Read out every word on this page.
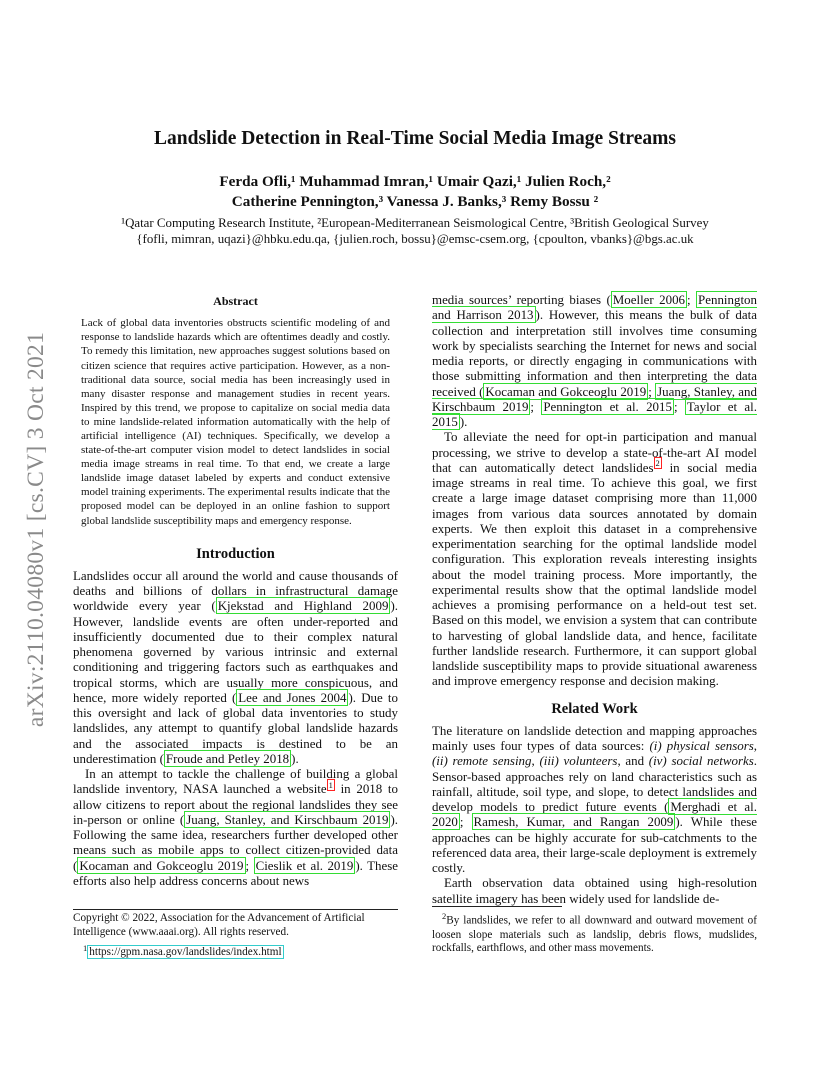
arXiv:2110.04080v1 [cs.CV] 3 Oct 2021
Landslide Detection in Real-Time Social Media Image Streams
Ferda Ofli,¹ Muhammad Imran,¹ Umair Qazi,¹ Julien Roch,²
Catherine Pennington,³ Vanessa J. Banks,³ Remy Bossu ²
¹Qatar Computing Research Institute, ²European-Mediterranean Seismological Centre, ³British Geological Survey
{fofli, mimran, uqazi}@hbku.edu.qa, {julien.roch, bossu}@emsc-csem.org, {cpoulton, vbanks}@bgs.ac.uk
Abstract
Lack of global data inventories obstructs scientific modeling of and response to landslide hazards which are oftentimes deadly and costly. To remedy this limitation, new approaches suggest solutions based on citizen science that requires active participation. However, as a non-traditional data source, social media has been increasingly used in many disaster response and management studies in recent years. Inspired by this trend, we propose to capitalize on social media data to mine landslide-related information automatically with the help of artificial intelligence (AI) techniques. Specifically, we develop a state-of-the-art computer vision model to detect landslides in social media image streams in real time. To that end, we create a large landslide image dataset labeled by experts and conduct extensive model training experiments. The experimental results indicate that the proposed model can be deployed in an online fashion to support global landslide susceptibility maps and emergency response.
Introduction

Landslides occur all around the world and cause thousands of deaths and billions of dollars in infrastructural damage worldwide every year ( Kjekstad and Highland 2009 ). However, landslide events are often under-reported and insufficiently documented due to their complex natural phenomena governed by various intrinsic and external conditioning and triggering factors such as earthquakes and tropical storms, which are usually more conspicuous, and hence, more widely reported ( Lee and Jones 2004 ). Due to this oversight and lack of global data inventories to study landslides, any attempt to quantify global landslide hazards and the associated impacts is destined to be an underestimation ( Froude and Petley 2018 ).

In an attempt to tackle the challenge of building a global landslide inventory, NASA launched a website $^1$ in 2018 to allow citizens to report about the regional landslides they see in-person or online ( Juang, Stanley, and Kirschbaum 2019 ). Following the same idea, researchers further developed other means such as mobile apps to collect citizen-provided data ( Kocaman and Gokceoglu 2019 ; Cieslik et al. 2019 ). These efforts also help address concerns about news

media sources’ reporting biases ( Moeller 2006 ; Pennington and Harrison 2013 ). However, this means the bulk of data collection and interpretation still involves time consuming work by specialists searching the Internet for news and social media reports, or directly engaging in communications with those submitting information and then interpreting the data received ( Kocaman and Gokceoglu 2019 ; Juang, Stanley, and Kirschbaum 2019 ; Pennington et al. 2015 ; Taylor et al. 2015 ).

To alleviate the need for opt-in participation and manual processing, we strive to develop a state-of-the-art AI model that can automatically detect landslides $^2$ in social media image streams in real time. To achieve this goal, we first create a large image dataset comprising more than 11,000 images from various data sources annotated by domain experts. We then exploit this dataset in a comprehensive experimentation searching for the optimal landslide model configuration. This exploration reveals interesting insights about the model training process. More importantly, the experimental results show that the optimal landslide model achieves a promising performance on a held-out test set. Based on this model, we envision a system that can contribute to harvesting of global landslide data, and hence, facilitate further landslide research. Furthermore, it can support global landslide susceptibility maps to provide situational awareness and improve emergency response and decision making.

Related Work

The literature on landslide detection and mapping approaches mainly uses four types of data sources: (i) physical sensors, (ii) remote sensing, (iii) volunteers, and (iv) social networks. Sensor-based approaches rely on land characteristics such as rainfall, altitude, soil type, and slope, to detect landslides and develop models to predict future events ( Merghadi et al. 2020 ; Ramesh, Kumar, and Rangan 2009 ). While these approaches can be highly accurate for sub-catchments to the referenced data area, their large-scale deployment is extremely costly.

Earth observation data obtained using high-resolution satellite imagery has been widely used for landslide de-

Copyright © 2022, Association for the Advancement of Artificial Intelligence (www.aaai.org). All rights reserved.

$^1$ https://gpm.nasa.gov/landslides/index.html

$^2$By landslides, we refer to all downward and outward movement of loosen slope materials such as landslip, debris flows, mudslides, rockfalls, earthflows, and other mass movements.
